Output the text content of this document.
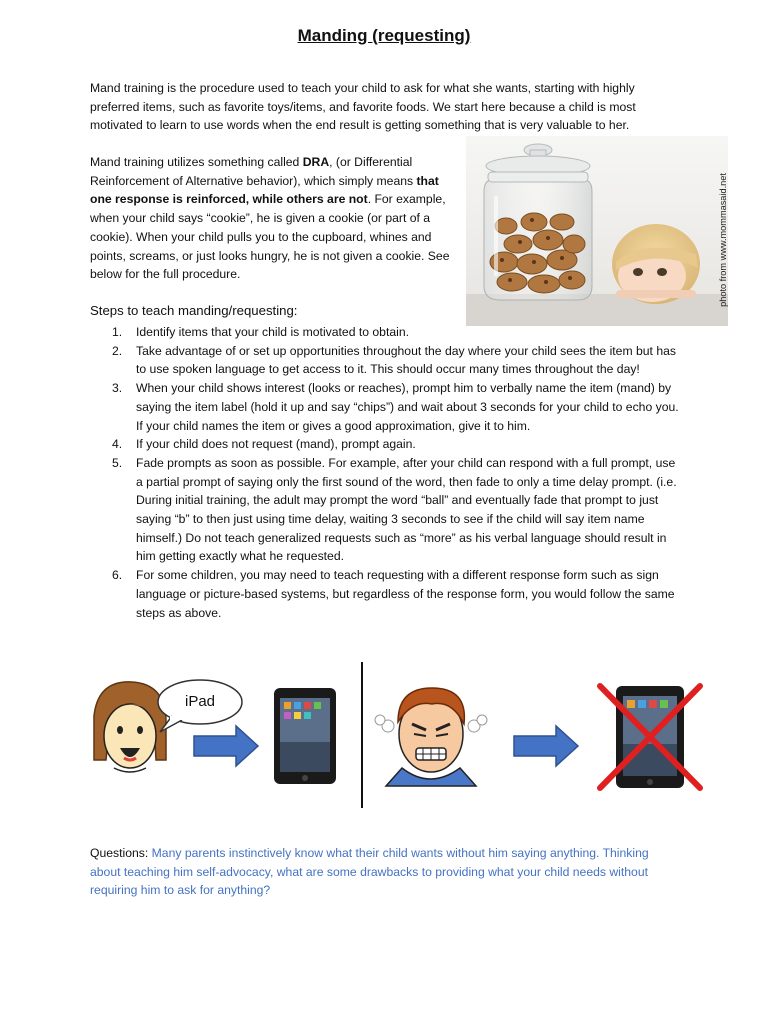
Manding (requesting)
Mand training is the procedure used to teach your child to ask for what she wants, starting with highly preferred items, such as favorite toys/items, and favorite foods. We start here because a child is most motivated to learn to use words when the end result is getting something that is very valuable to her.
Mand training utilizes something called DRA, (or Differential Reinforcement of Alternative behavior), which simply means that one response is reinforced, while others are not. For example, when your child says “cookie”, he is given a cookie (or part of a cookie). When your child pulls you to the cupboard, whines and points, screams, or just looks hungry, he is not given a cookie. See below for the full procedure.	photo from www.mommasaid.net
Steps to teach manding/requesting:
1. Identify items that your child is motivated to obtain.
2. Take advantage of or set up opportunities throughout the day where your child sees the item but has to use spoken language to get access to it. This should occur many times throughout the day!
3. When your child shows interest (looks or reaches), prompt him to verbally name the item (mand) by saying the item label (hold it up and say “chips”) and wait about 3 seconds for your child to echo you. If your child names the item or gives a good approximation, give it to him.
4. If your child does not request (mand), prompt again.
5. Fade prompts as soon as possible. For example, after your child can respond with a full prompt, use a partial prompt of saying only the first sound of the word, then fade to only a time delay prompt. (i.e. During initial training, the adult may prompt the word “ball” and eventually fade that prompt to just saying “b” to then just using time delay, waiting 3 seconds to see if the child will say item name himself.) Do not teach generalized requests such as “more” as his verbal language should result in him getting exactly what he requested.
6. For some children, you may need to teach requesting with a different response form such as sign language or picture-based systems, but regardless of the response form, you would follow the same steps as above.
iPad
Questions: Many parents instinctively know what their child wants without him saying anything. Thinking about teaching him self-advocacy, what are some drawbacks to providing what your child needs without requiring him to ask for anything?
